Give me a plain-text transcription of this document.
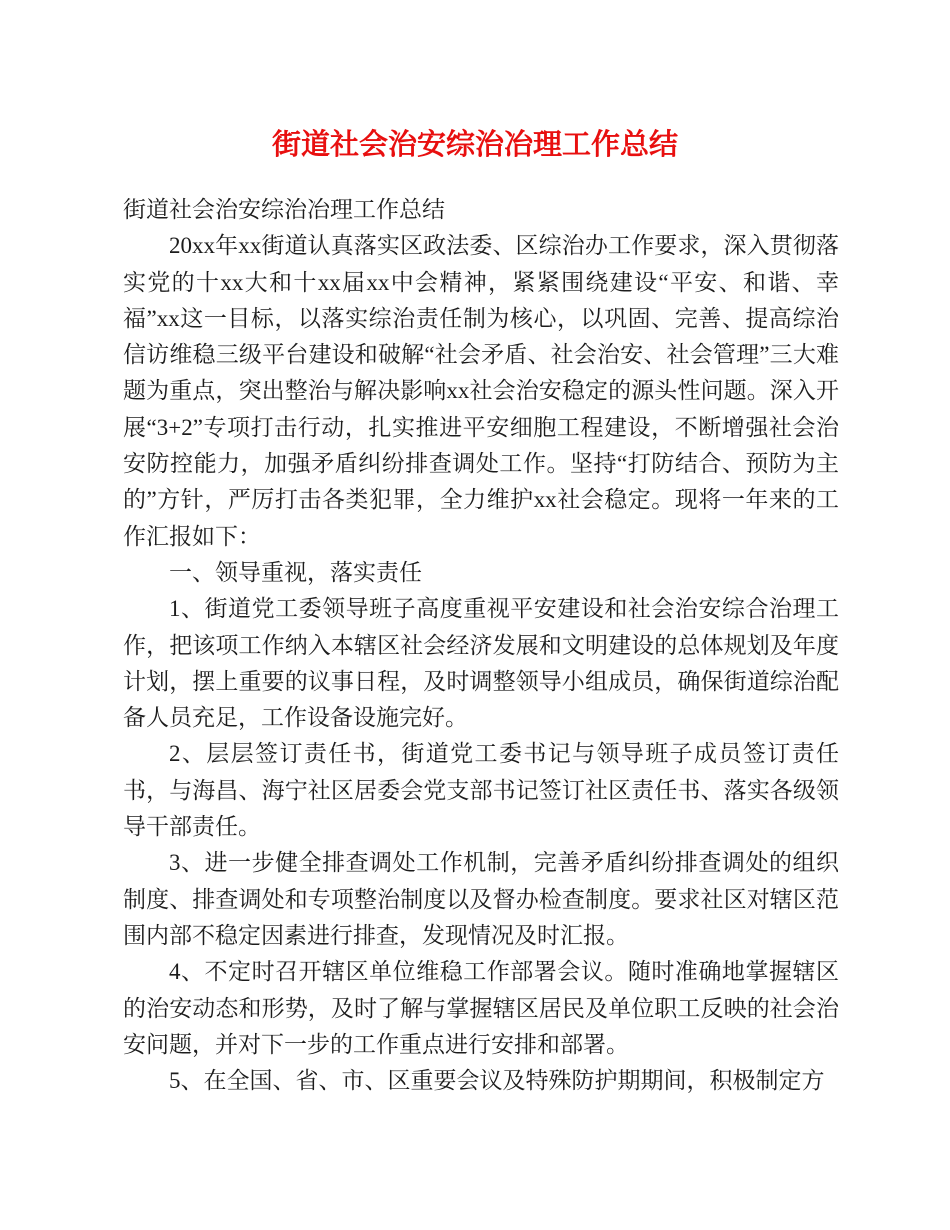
街道社会治安综治冶理工作总结

街道社会治安综治冶理工作总结

20xx年xx街道认真落实区政法委、区综治办工作要求，深入贯彻落实党的十xx大和十xx届xx中会精神，紧紧围绕建设“平安、和谐、幸福”xx这一目标，以落实综治责任制为核心，以巩固、完善、提高综治信访维稳三级平台建设和破解“社会矛盾、社会治安、社会管理”三大难题为重点，突出整治与解决影响xx社会治安稳定的源头性问题。深入开展“3+2”专项打击行动，扎实推进平安细胞工程建设，不断增强社会治安防控能力，加强矛盾纠纷排查调处工作。坚持“打防结合、预防为主的”方针，严厉打击各类犯罪，全力维护xx社会稳定。现将一年来的工作汇报如下：

一、领导重视，落实责任

1、街道党工委领导班子高度重视平安建设和社会治安综合治理工作，把该项工作纳入本辖区社会经济发展和文明建设的总体规划及年度计划，摆上重要的议事日程，及时调整领导小组成员，确保街道综治配备人员充足，工作设备设施完好。

2、层层签订责任书，街道党工委书记与领导班子成员签订责任书，与海昌、海宁社区居委会党支部书记签订社区责任书、落实各级领导干部责任。

3、进一步健全排查调处工作机制，完善矛盾纠纷排查调处的组织制度、排查调处和专项整治制度以及督办检查制度。要求社区对辖区范围内部不稳定因素进行排查，发现情况及时汇报。

4、不定时召开辖区单位维稳工作部署会议。随时准确地掌握辖区的治安动态和形势，及时了解与掌握辖区居民及单位职工反映的社会治安问题，并对下一步的工作重点进行安排和部署。

5、在全国、省、市、区重要会议及特殊防护期期间，积极制定方
